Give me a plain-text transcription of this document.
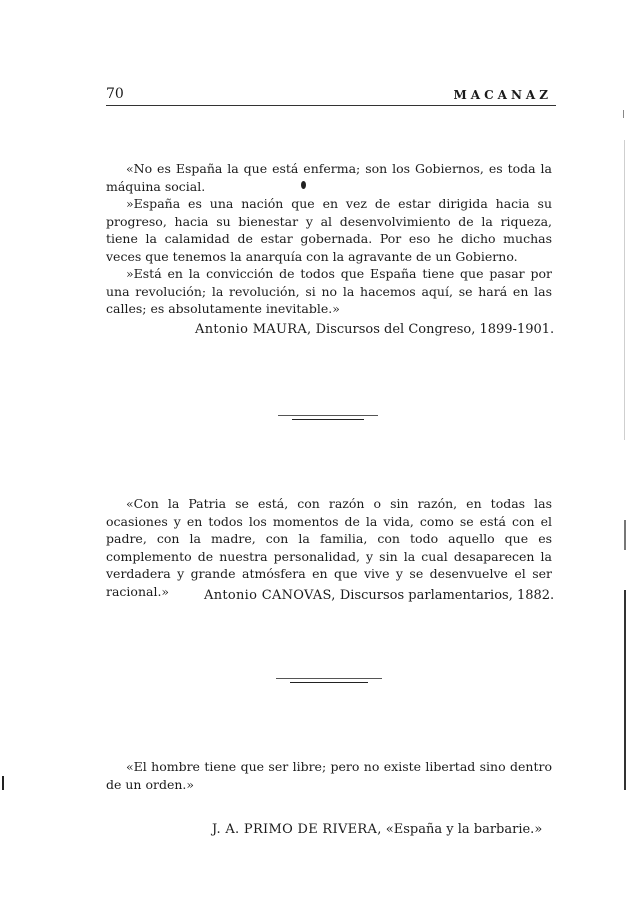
70	MACANAZ

«No es España la que está enferma; son los Gobiernos, es toda la máquina social.

»España es una nación que en vez de estar dirigida hacia su progreso, hacia su bienestar y al desenvolvimiento de la riqueza, tiene la calamidad de estar gobernada. Por eso he dicho muchas veces que tenemos la anarquía con la agravante de un Gobierno.

»Está en la convicción de todos que España tiene que pasar por una revolución; la revolución, si no la hacemos aquí, se hará en las calles; es absolutamente inevitable.»

Antonio MAURA, Discursos del Congreso, 1899-1901.

«Con la Patria se está, con razón o sin razón, en todas las ocasiones y en todos los momentos de la vida, como se está con el padre, con la madre, con la familia, con todo aquello que es complemento de nuestra personalidad, y sin la cual desaparecen la verdadera y grande atmósfera en que vive y se desenvuelve el ser racional.»	Antonio CANOVAS, Discursos parlamentarios, 1882.

«El hombre tiene que ser libre; pero no existe libertad sino dentro de un orden.»

J. A. PRIMO DE RIVERA, «España y la barbarie.»
